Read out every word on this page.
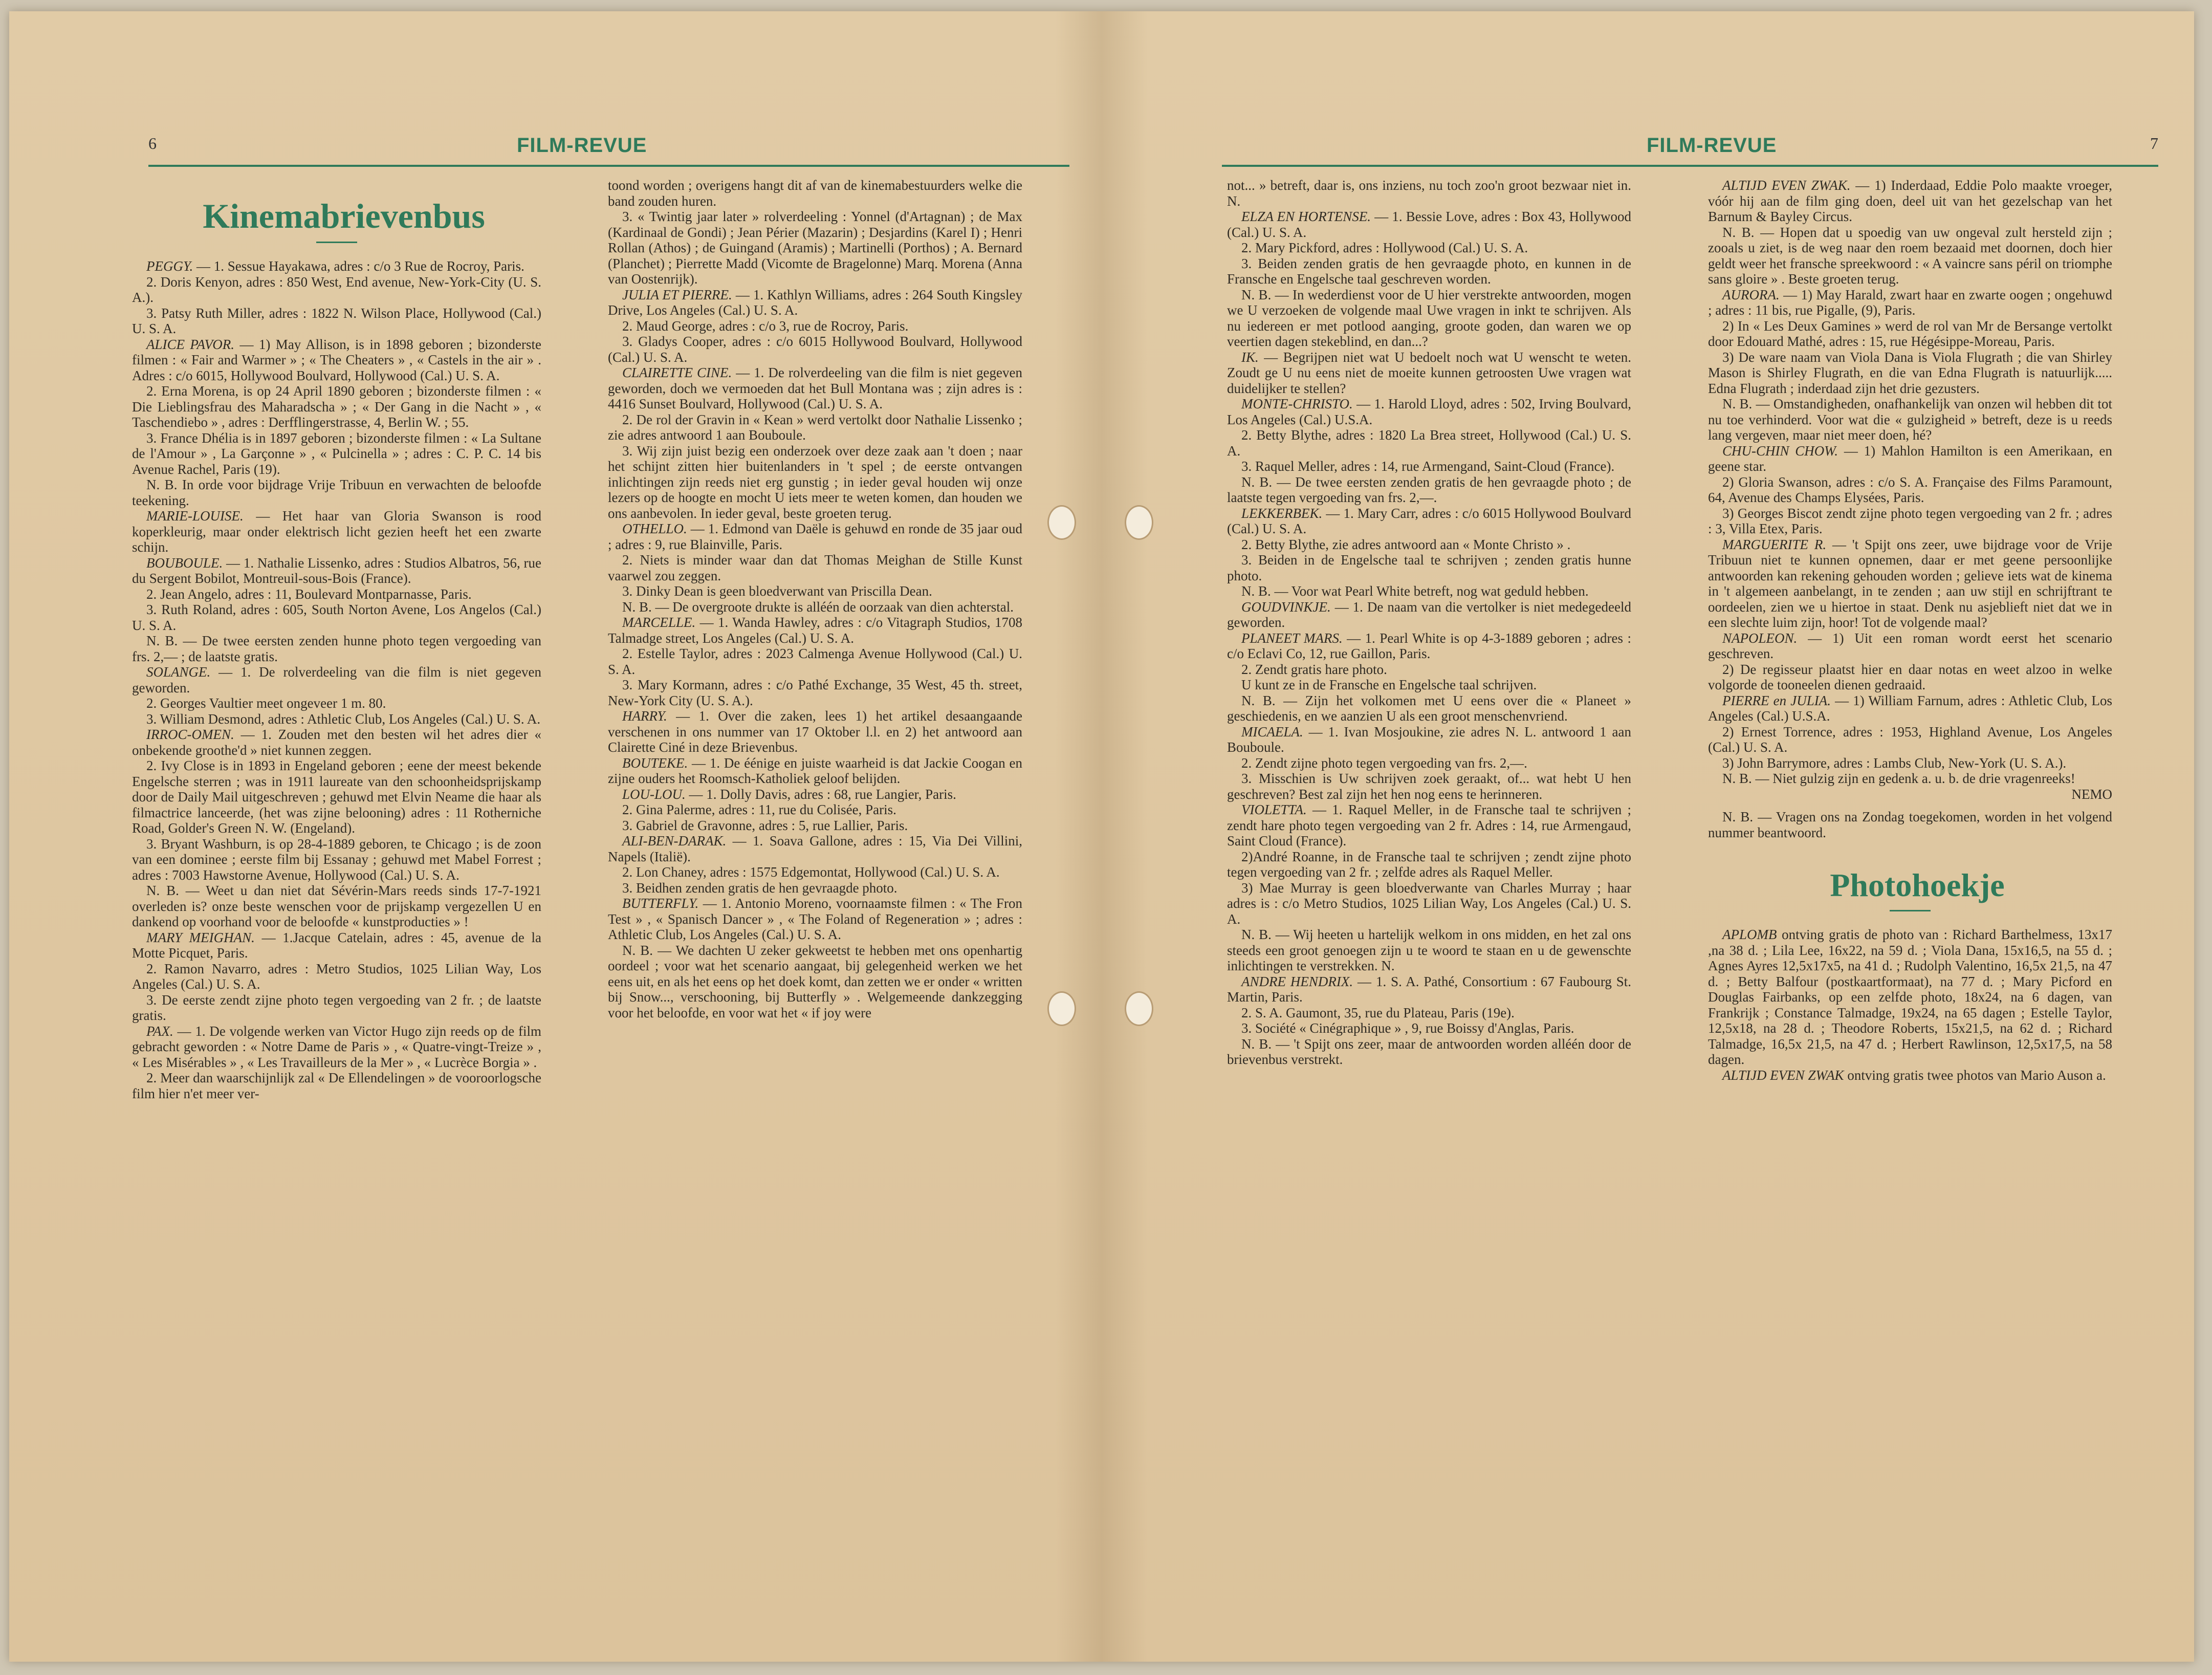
6	FILM-REVUE

Kinemabrievenbus

PEGGY. — 1. Sessue Hayakawa, adres : c/o 3 Rue de Rocroy, Paris.

2. Doris Kenyon, adres : 850 West, End avenue, New-York-City (U. S. A.).

3. Patsy Ruth Miller, adres : 1822 N. Wilson Place, Hollywood (Cal.) U. S. A.

ALICE PAVOR. — 1) May Allison, is in 1898 geboren ; bizonderste filmen : « Fair and Warmer » ; « The Cheaters » , « Castels in the air » . Adres : c/o 6015, Hollywood Boulvard, Hollywood (Cal.) U. S. A.

2. Erna Morena, is op 24 April 1890 geboren ; bizonderste filmen : « Die Lieblingsfrau des Maharadscha » ; « Der Gang in die Nacht » , « Taschendiebo » , adres : Derfflingerstrasse, 4, Berlin W. ; 55.

3. France Dhélia is in 1897 geboren ; bizonderste filmen : « La Sultane de l'Amour » , La Garçonne » , « Pulcinella » ; adres : C. P. C. 14 bis Avenue Rachel, Paris (19).

N. B. In orde voor bijdrage Vrije Tribuun en verwachten de beloofde teekening.

MARIE-LOUISE. — Het haar van Gloria Swanson is rood koperkleurig, maar onder elektrisch licht gezien heeft het een zwarte schijn.

BOUBOULE. — 1. Nathalie Lissenko, adres : Studios Albatros, 56, rue du Sergent Bobilot, Montreuil-sous-Bois (France).

2. Jean Angelo, adres : 11, Boulevard Montparnasse, Paris.

3. Ruth Roland, adres : 605, South Norton Avene, Los Angelos (Cal.) U. S. A.

N. B. — De twee eersten zenden hunne photo tegen vergoeding van frs. 2,— ; de laatste gratis.

SOLANGE. — 1. De rolverdeeling van die film is niet gegeven geworden.

2. Georges Vaultier meet ongeveer 1 m. 80.

3. William Desmond, adres : Athletic Club, Los Angeles (Cal.) U. S. A.

IRROC-OMEN. — 1. Zouden met den besten wil het adres dier « onbekende groothe'd » niet kunnen zeggen.

2. Ivy Close is in 1893 in Engeland geboren ; eene der meest bekende Engelsche sterren ; was in 1911 laureate van den schoonheidsprijskamp door de Daily Mail uitgeschreven ; gehuwd met Elvin Neame die haar als filmactrice lanceerde, (het was zijne belooning) adres : 11 Rotherniche Road, Golder's Green N. W. (Engeland).

3. Bryant Washburn, is op 28-4-1889 geboren, te Chicago ; is de zoon van een dominee ; eerste film bij Essanay ; gehuwd met Mabel Forrest ; adres : 7003 Hawstorne Avenue, Hollywood (Cal.) U. S. A.

N. B. — Weet u dan niet dat Sévérin-Mars reeds sinds 17-7-1921 overleden is? onze beste wenschen voor de prijskamp vergezellen U en dankend op voorhand voor de beloofde « kunstproducties » !

MARY MEIGHAN. — 1.Jacque Catelain, adres : 45, avenue de la Motte Picquet, Paris.

2. Ramon Navarro, adres : Metro Studios, 1025 Lilian Way, Los Angeles (Cal.) U. S. A.

3. De eerste zendt zijne photo tegen vergoeding van 2 fr. ; de laatste gratis.

PAX. — 1. De volgende werken van Victor Hugo zijn reeds op de film gebracht geworden : « Notre Dame de Paris » , « Quatre-vingt-Treize » , « Les Misérables » , « Les Travailleurs de la Mer » , « Lucrèce Borgia » .

2. Meer dan waarschijnlijk zal « De Ellendelingen » de vooroorlogsche film hier n'et meer ver-

toond worden ; overigens hangt dit af van de kinemabestuurders welke die band zouden huren.

3. « Twintig jaar later » rolverdeeling : Yonnel (d'Artagnan) ; de Max (Kardinaal de Gondi) ; Jean Périer (Mazarin) ; Desjardins (Karel I) ; Henri Rollan (Athos) ; de Guingand (Aramis) ; Martinelli (Porthos) ; A. Bernard (Planchet) ; Pierrette Madd (Vicomte de Bragelonne) Marq. Morena (Anna van Oostenrijk).

JULIA ET PIERRE. — 1. Kathlyn Williams, adres : 264 South Kingsley Drive, Los Angeles (Cal.) U. S. A.

2. Maud George, adres : c/o 3, rue de Rocroy, Paris.

3. Gladys Cooper, adres : c/o 6015 Hollywood Boulvard, Hollywood (Cal.) U. S. A.

CLAIRETTE CINE. — 1. De rolverdeeling van die film is niet gegeven geworden, doch we vermoeden dat het Bull Montana was ; zijn adres is : 4416 Sunset Boulvard, Hollywood (Cal.) U. S. A.

2. De rol der Gravin in « Kean » werd vertolkt door Nathalie Lissenko ; zie adres antwoord 1 aan Bouboule.

3. Wij zijn juist bezig een onderzoek over deze zaak aan 't doen ; naar het schijnt zitten hier buitenlanders in 't spel ; de eerste ontvangen inlichtingen zijn reeds niet erg gunstig ; in ieder geval houden wij onze lezers op de hoogte en mocht U iets meer te weten komen, dan houden we ons aanbevolen. In ieder geval, beste groeten terug.

OTHELLO. — 1. Edmond van Daële is gehuwd en ronde de 35 jaar oud ; adres : 9, rue Blainville, Paris.

2. Niets is minder waar dan dat Thomas Meighan de Stille Kunst vaarwel zou zeggen.

3. Dinky Dean is geen bloedverwant van Priscilla Dean.

N. B. — De overgroote drukte is alléén de oorzaak van dien achterstal.

MARCELLE. — 1. Wanda Hawley, adres : c/o Vitagraph Studios, 1708 Talmadge street, Los Angeles (Cal.) U. S. A.

2. Estelle Taylor, adres : 2023 Calmenga Avenue Hollywood (Cal.) U. S. A.

3. Mary Kormann, adres : c/o Pathé Exchange, 35 West, 45 th. street, New-York City (U. S. A.).

HARRY. — 1. Over die zaken, lees 1) het artikel desaangaande verschenen in ons nummer van 17 Oktober l.l. en 2) het antwoord aan Clairette Ciné in deze Brievenbus.

BOUTEKE. — 1. De éénige en juiste waarheid is dat Jackie Coogan en zijne ouders het Roomsch-Katholiek geloof belijden.

LOU-LOU. — 1. Dolly Davis, adres : 68, rue Langier, Paris.

2. Gina Palerme, adres : 11, rue du Colisée, Paris.

3. Gabriel de Gravonne, adres : 5, rue Lallier, Paris.

ALI-BEN-DARAK. — 1. Soava Gallone, adres : 15, Via Dei Villini, Napels (Italië).

2. Lon Chaney, adres : 1575 Edgemontat, Hollywood (Cal.) U. S. A.

3. Beidhen zenden gratis de hen gevraagde photo.

BUTTERFLY. — 1. Antonio Moreno, voornaamste filmen : « The Fron Test » , « Spanisch Dancer » , « The Foland of Regeneration » ; adres : Athletic Club, Los Angeles (Cal.) U. S. A.

N. B. — We dachten U zeker gekweetst te hebben met ons openhartig oordeel ; voor wat het scenario aangaat, bij gelegenheid werken we het eens uit, en als het eens op het doek komt, dan zetten we er onder « written bij Snow..., verschooning, bij Butterfly » . Welgemeende dankzegging voor het beloofde, en voor wat het « if joy were

FILM-REVUE	7

not... » betreft, daar is, ons inziens, nu toch zoo'n groot bezwaar niet in. N.

ELZA EN HORTENSE. — 1. Bessie Love, adres : Box 43, Hollywood (Cal.) U. S. A.

2. Mary Pickford, adres : Hollywood (Cal.) U. S. A.

3. Beiden zenden gratis de hen gevraagde photo, en kunnen in de Fransche en Engelsche taal geschreven worden.

N. B. — In wederdienst voor de U hier verstrekte antwoorden, mogen we U verzoeken de volgende maal Uwe vragen in inkt te schrijven. Als nu iedereen er met potlood aanging, groote goden, dan waren we op veertien dagen stekeblind, en dan...?

IK. — Begrijpen niet wat U bedoelt noch wat U wenscht te weten. Zoudt ge U nu eens niet de moeite kunnen getroosten Uwe vragen wat duidelijker te stellen?

MONTE-CHRISTO. — 1. Harold Lloyd, adres : 502, Irving Boulvard, Los Angeles (Cal.) U.S.A.

2. Betty Blythe, adres : 1820 La Brea street, Hollywood (Cal.) U. S. A.

3. Raquel Meller, adres : 14, rue Armengand, Saint-Cloud (France).

N. B. — De twee eersten zenden gratis de hen gevraagde photo ; de laatste tegen vergoeding van frs. 2,—.

LEKKERBEK. — 1. Mary Carr, adres : c/o 6015 Hollywood Boulvard (Cal.) U. S. A.

2. Betty Blythe, zie adres antwoord aan « Monte Christo » .

3. Beiden in de Engelsche taal te schrijven ; zenden gratis hunne photo.

N. B. — Voor wat Pearl White betreft, nog wat geduld hebben.

GOUDVINKJE. — 1. De naam van die vertolker is niet medegedeeld geworden.

PLANEET MARS. — 1. Pearl White is op 4-3-1889 geboren ; adres : c/o Eclavi Co, 12, rue Gaillon, Paris.

2. Zendt gratis hare photo.

U kunt ze in de Fransche en Engelsche taal schrijven.

N. B. — Zijn het volkomen met U eens over die « Planeet » geschiedenis, en we aanzien U als een groot menschenvriend.

MICAELA. — 1. Ivan Mosjoukine, zie adres N. L. antwoord 1 aan Bouboule.

2. Zendt zijne photo tegen vergoeding van frs. 2,—.

3. Misschien is Uw schrijven zoek geraakt, of... wat hebt U hen geschreven? Best zal zijn het hen nog eens te herinneren.

VIOLETTA. — 1. Raquel Meller, in de Fransche taal te schrijven ; zendt hare photo tegen vergoeding van 2 fr. Adres : 14, rue Armengaud, Saint Cloud (France).

2)André Roanne, in de Fransche taal te schrijven ; zendt zijne photo tegen vergoeding van 2 fr. ; zelfde adres als Raquel Meller.

3) Mae Murray is geen bloedverwante van Charles Murray ; haar adres is : c/o Metro Studios, 1025 Lilian Way, Los Angeles (Cal.) U. S. A.

N. B. — Wij heeten u hartelijk welkom in ons midden, en het zal ons steeds een groot genoegen zijn u te woord te staan en u de gewenschte inlichtingen te verstrekken. N.

ANDRE HENDRIX. — 1. S. A. Pathé, Consortium : 67 Faubourg St. Martin, Paris.

2. S. A. Gaumont, 35, rue du Plateau, Paris (19e).

3. Société « Cinégraphique » , 9, rue Boissy d'Anglas, Paris.

N. B. — 't Spijt ons zeer, maar de antwoorden worden alléén door de brievenbus verstrekt.

ALTIJD EVEN ZWAK. — 1) Inderdaad, Eddie Polo maakte vroeger, vóór hij aan de film ging doen, deel uit van het gezelschap van het Barnum & Bayley Circus.

N. B. — Hopen dat u spoedig van uw ongeval zult hersteld zijn ; zooals u ziet, is de weg naar den roem bezaaid met doornen, doch hier geldt weer het fransche spreekwoord : « A vaincre sans péril on triomphe sans gloire » . Beste groeten terug.

AURORA. — 1) May Harald, zwart haar en zwarte oogen ; ongehuwd ; adres : 11 bis, rue Pigalle, (9), Paris.

2) In « Les Deux Gamines » werd de rol van Mr de Bersange vertolkt door Edouard Mathé, adres : 15, rue Hégésippe-Moreau, Paris.

3) De ware naam van Viola Dana is Viola Flugrath ; die van Shirley Mason is Shirley Flugrath, en die van Edna Flugrath is natuurlijk..... Edna Flugrath ; inderdaad zijn het drie gezusters.

N. B. — Omstandigheden, onafhankelijk van onzen wil hebben dit tot nu toe verhinderd. Voor wat die « gulzigheid » betreft, deze is u reeds lang vergeven, maar niet meer doen, hé?

CHU-CHIN CHOW. — 1) Mahlon Hamilton is een Amerikaan, en geene star.

2) Gloria Swanson, adres : c/o S. A. Française des Films Paramount, 64, Avenue des Champs Elysées, Paris.

3) Georges Biscot zendt zijne photo tegen vergoeding van 2 fr. ; adres : 3, Villa Etex, Paris.

MARGUERITE R. — 't Spijt ons zeer, uwe bijdrage voor de Vrije Tribuun niet te kunnen opnemen, daar er met geene persoonlijke antwoorden kan rekening gehouden worden ; gelieve iets wat de kinema in 't algemeen aanbelangt, in te zenden ; aan uw stijl en schrijftrant te oordeelen, zien we u hiertoe in staat. Denk nu asjeblieft niet dat we in een slechte luim zijn, hoor! Tot de volgende maal?

NAPOLEON. — 1) Uit een roman wordt eerst het scenario geschreven.

2) De regisseur plaatst hier en daar notas en weet alzoo in welke volgorde de tooneelen dienen gedraaid.

PIERRE en JULIA. — 1) William Farnum, adres : Athletic Club, Los Angeles (Cal.) U.S.A.

2) Ernest Torrence, adres : 1953, Highland Avenue, Los Angeles (Cal.) U. S. A.

3) John Barrymore, adres : Lambs Club, New-York (U. S. A.).

N. B. — Niet gulzig zijn en gedenk a. u. b. de drie vragenreeks!

NEMO

N. B. — Vragen ons na Zondag toegekomen, worden in het volgend nummer beantwoord.

Photohoekje

APLOMB ontving gratis de photo van : Richard Barthelmess, 13x17 ,na 38 d. ; Lila Lee, 16x22, na 59 d. ; Viola Dana, 15x16,5, na 55 d. ; Agnes Ayres 12,5x17x5, na 41 d. ; Rudolph Valentino, 16,5x 21,5, na 47 d. ; Betty Balfour (postkaartformaat), na 77 d. ; Mary Picford en Douglas Fairbanks, op een zelfde photo, 18x24, na 6 dagen, van Frankrijk ; Constance Talmadge, 19x24, na 65 dagen ; Estelle Taylor, 12,5x18, na 28 d. ; Theodore Roberts, 15x21,5, na 62 d. ; Richard Talmadge, 16,5x 21,5, na 47 d. ; Herbert Rawlinson, 12,5x17,5, na 58 dagen.

ALTIJD EVEN ZWAK ontving gratis twee photos van Mario Auson a.
